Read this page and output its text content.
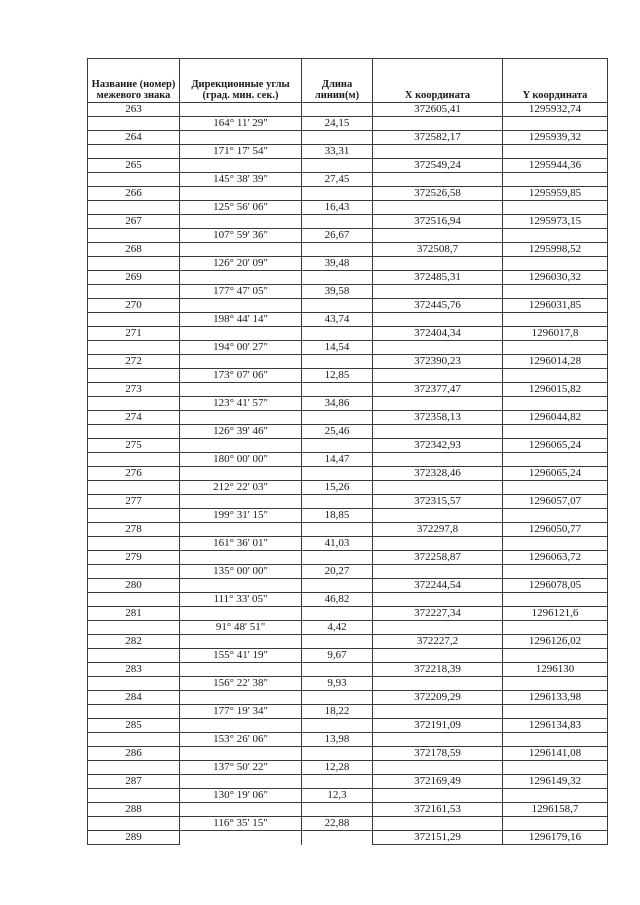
Название (номер) межевого знака	Дирекционные углы (град. мин. сек.)	Длина линии(м)	X координата	Y координата
263			372605,41	1295932,74
	164° 11' 29"	24,15		
264			372582,17	1295939,32
	171° 17' 54"	33,31		
265			372549,24	1295944,36
	145° 38' 39"	27,45		
266			372526,58	1295959,85
	125° 56' 06"	16,43		
267			372516,94	1295973,15
	107° 59' 36"	26,67		
268			372508,7	1295998,52
	126° 20' 09"	39,48		
269			372485,31	1296030,32
	177° 47' 05"	39,58		
270			372445,76	1296031,85
	198° 44' 14"	43,74		
271			372404,34	1296017,8
	194° 00' 27"	14,54		
272			372390,23	1296014,28
	173° 07' 06"	12,85		
273			372377,47	1296015,82
	123° 41' 57"	34,86		
274			372358,13	1296044,82
	126° 39' 46"	25,46		
275			372342,93	1296065,24
	180° 00' 00"	14,47		
276			372328,46	1296065,24
	212° 22' 03"	15,26		
277			372315,57	1296057,07
	199° 31' 15"	18,85		
278			372297,8	1296050,77
	161° 36' 01"	41,03		
279			372258,87	1296063,72
	135° 00' 00"	20,27		
280			372244,54	1296078,05
	111° 33' 05"	46,82		
281			372227,34	1296121,6
	91° 48' 51"	4,42		
282			372227,2	1296126,02
	155° 41' 19"	9,67		
283			372218,39	1296130
	156° 22' 38"	9,93		
284			372209,29	1296133,98
	177° 19' 34"	18,22		
285			372191,09	1296134,83
	153° 26' 06"	13,98		
286			372178,59	1296141,08
	137° 50' 22"	12,28		
287			372169,49	1296149,32
	130° 19' 06"	12,3		
288			372161,53	1296158,7
	116° 35' 15"	22,88		
289			372151,29	1296179,16
